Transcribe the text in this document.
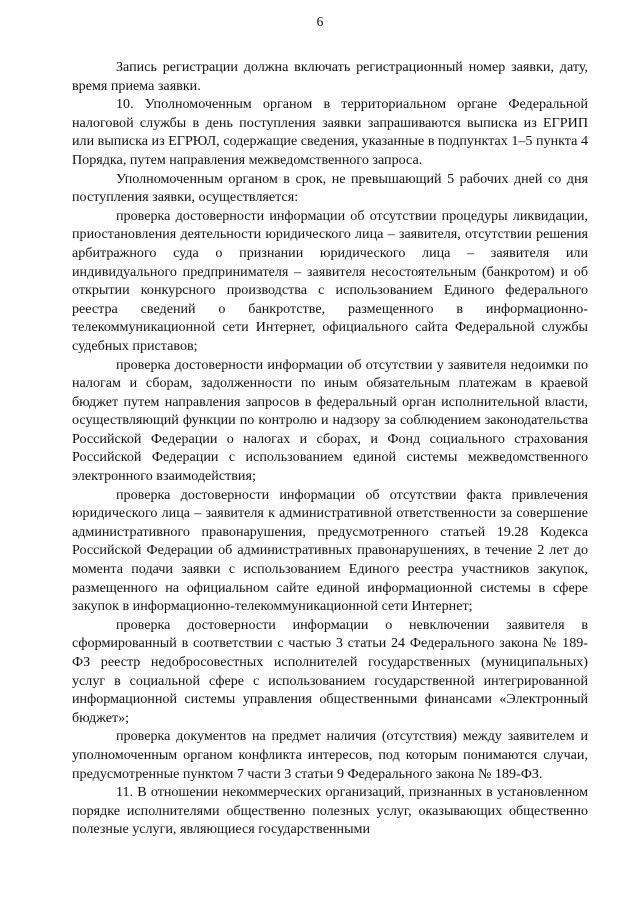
6

Запись регистрации должна включать регистрационный номер заявки, дату, время приема заявки.

10. Уполномоченным органом в территориальном органе Федеральной налоговой службы в день поступления заявки запрашиваются выписка из ЕГРИП или выписка из ЕГРЮЛ, содержащие сведения, указанные в подпунктах 1–5 пункта 4 Порядка, путем направления межведомственного запроса.

Уполномоченным органом в срок, не превышающий 5 рабочих дней со дня поступления заявки, осуществляется:

проверка достоверности информации об отсутствии процедуры ликвидации, приостановления деятельности юридического лица – заявителя, отсутствии решения арбитражного суда о признании юридического лица – заявителя или индивидуального предпринимателя – заявителя несостоятельным (банкротом) и об открытии конкурсного производства с использованием Единого федерального реестра сведений о банкротстве, размещенного в информационно-телекоммуникационной сети Интернет, официального сайта Федеральной службы судебных приставов;

проверка достоверности информации об отсутствии у заявителя недоимки по налогам и сборам, задолженности по иным обязательным платежам в краевой бюджет путем направления запросов в федеральный орган исполнительной власти, осуществляющий функции по контролю и надзору за соблюдением законодательства Российской Федерации о налогах и сборах, и Фонд социального страхования Российской Федерации с использованием единой системы межведомственного электронного взаимодействия;

проверка достоверности информации об отсутствии факта привлечения юридического лица – заявителя к административной ответственности за совершение административного правонарушения, предусмотренного статьей 19.28 Кодекса Российской Федерации об административных правонарушениях, в течение 2 лет до момента подачи заявки с использованием Единого реестра участников закупок, размещенного на официальном сайте единой информационной системы в сфере закупок в информационно-телекоммуникационной сети Интернет;

проверка достоверности информации о невключении заявителя в сформированный в соответствии с частью 3 статьи 24 Федерального закона № 189-ФЗ реестр недобросовестных исполнителей государственных (муниципальных) услуг в социальной сфере с использованием государственной интегрированной информационной системы управления общественными финансами «Электронный бюджет»;

проверка документов на предмет наличия (отсутствия) между заявителем и уполномоченным органом конфликта интересов, под которым понимаются случаи, предусмотренные пунктом 7 части 3 статьи 9 Федерального закона № 189-ФЗ.

11. В отношении некоммерческих организаций, признанных в установленном порядке исполнителями общественно полезных услуг, оказывающих общественно полезные услуги, являющиеся государственными
